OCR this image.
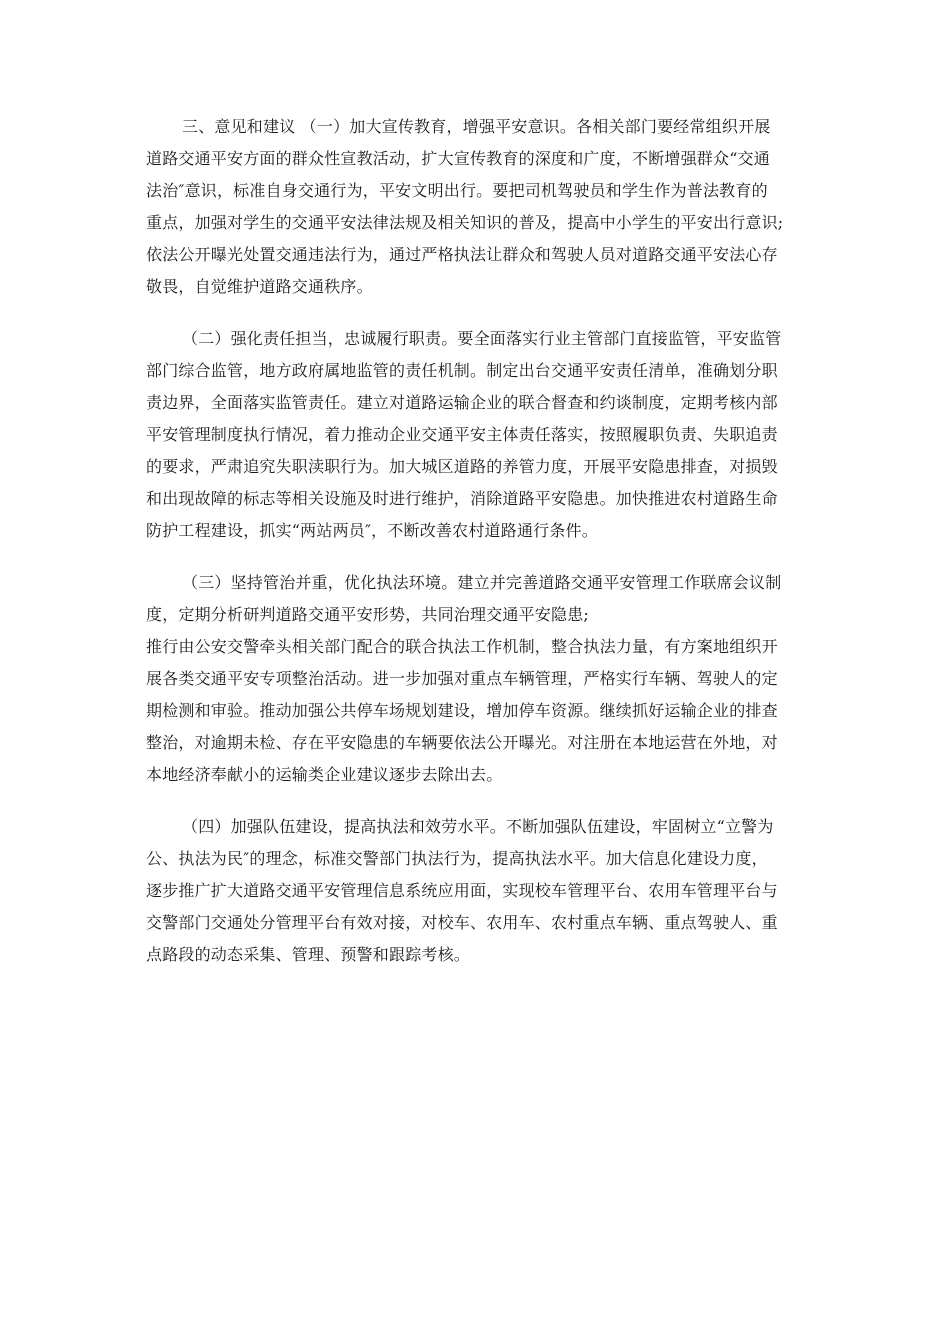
三、意见和建议 （一）加大宣传教育，增强平安意识。各相关部门要经常组织开展
道路交通平安方面的群众性宣教活动，扩大宣传教育的深度和广度，不断增强群众“交通
法治″意识，标准自身交通行为，平安文明出行。要把司机驾驶员和学生作为普法教育的
重点，加强对学生的交通平安法律法规及相关知识的普及，提高中小学生的平安出行意识;
依法公开曝光处置交通违法行为，通过严格执法让群众和驾驶人员对道路交通平安法心存
敬畏，自觉维护道路交通秩序。
（二）强化责任担当，忠诚履行职责。要全面落实行业主管部门直接监管，平安监管
部门综合监管，地方政府属地监管的责任机制。制定出台交通平安责任清单，准确划分职
责边界，全面落实监管责任。建立对道路运输企业的联合督查和约谈制度，定期考核内部
平安管理制度执行情况，着力推动企业交通平安主体责任落实，按照履职负责、失职追责
的要求，严肃追究失职渎职行为。加大城区道路的养管力度，开展平安隐患排查，对损毁
和出现故障的标志等相关设施及时进行维护，消除道路平安隐患。加快推进农村道路生命
防护工程建设，抓实“两站两员″，不断改善农村道路通行条件。
（三）坚持管治并重，优化执法环境。建立并完善道路交通平安管理工作联席会议制
度，定期分析研判道路交通平安形势，共同治理交通平安隐患;
推行由公安交警牵头相关部门配合的联合执法工作机制，整合执法力量，有方案地组织开
展各类交通平安专项整治活动。进一步加强对重点车辆管理，严格实行车辆、驾驶人的定
期检测和审验。推动加强公共停车场规划建设，增加停车资源。继续抓好运输企业的排查
整治，对逾期未检、存在平安隐患的车辆要依法公开曝光。对注册在本地运营在外地，对
本地经济奉献小的运输类企业建议逐步去除出去。
（四）加强队伍建设，提高执法和效劳水平。不断加强队伍建设，牢固树立“立警为
公、执法为民″的理念，标准交警部门执法行为，提高执法水平。加大信息化建设力度，
逐步推广扩大道路交通平安管理信息系统应用面，实现校车管理平台、农用车管理平台与
交警部门交通处分管理平台有效对接，对校车、农用车、农村重点车辆、重点驾驶人、重
点路段的动态采集、管理、预警和跟踪考核。
